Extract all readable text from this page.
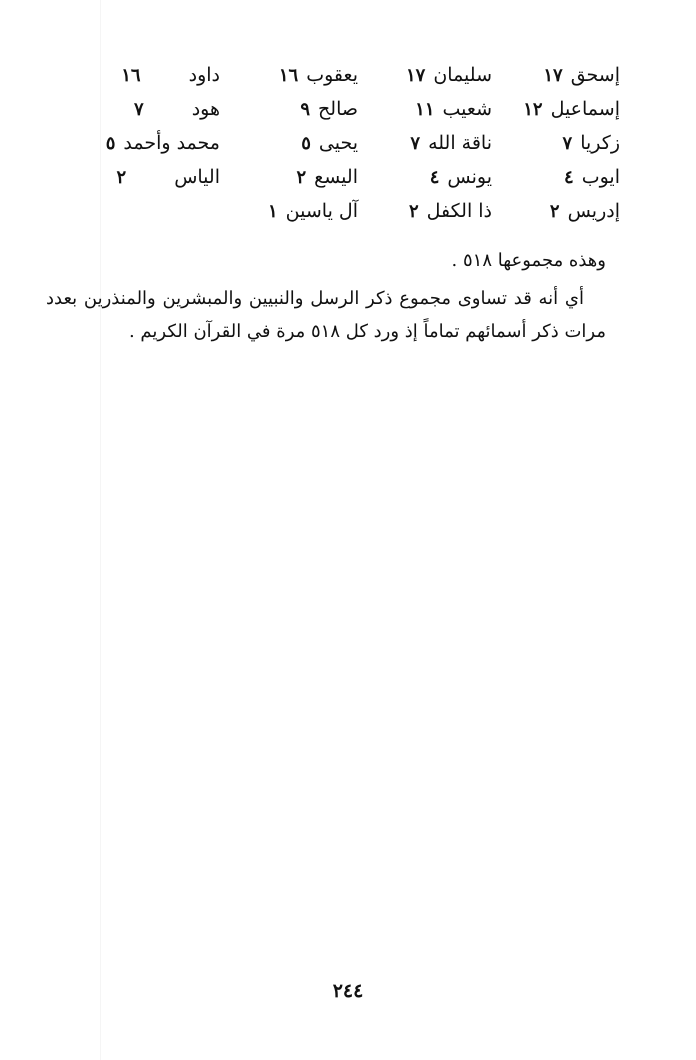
إسحق١٧
سليمان١٧
يعقوب١٦
داود١٦
إسماعيل١٢
شعيب١١
صالح٩
هود٧
زكريا٧
ناقة الله٧
يحيى٥
محمد وأحمد٥
ايوب٤
يونس٤
اليسع٢
الياس٢
إدريس٢
ذا الكفل٢
آل ياسين١
وهذه مجموعها ٥١٨ .

أي أنه قد تساوى مجموع ذكر الرسل والنبيين والمبشرين والمنذرين بعدد مرات ذكر أسمائهم تماماً إذ ورد كل ٥١٨ مرة في القرآن الكريم .

٢٤٤
